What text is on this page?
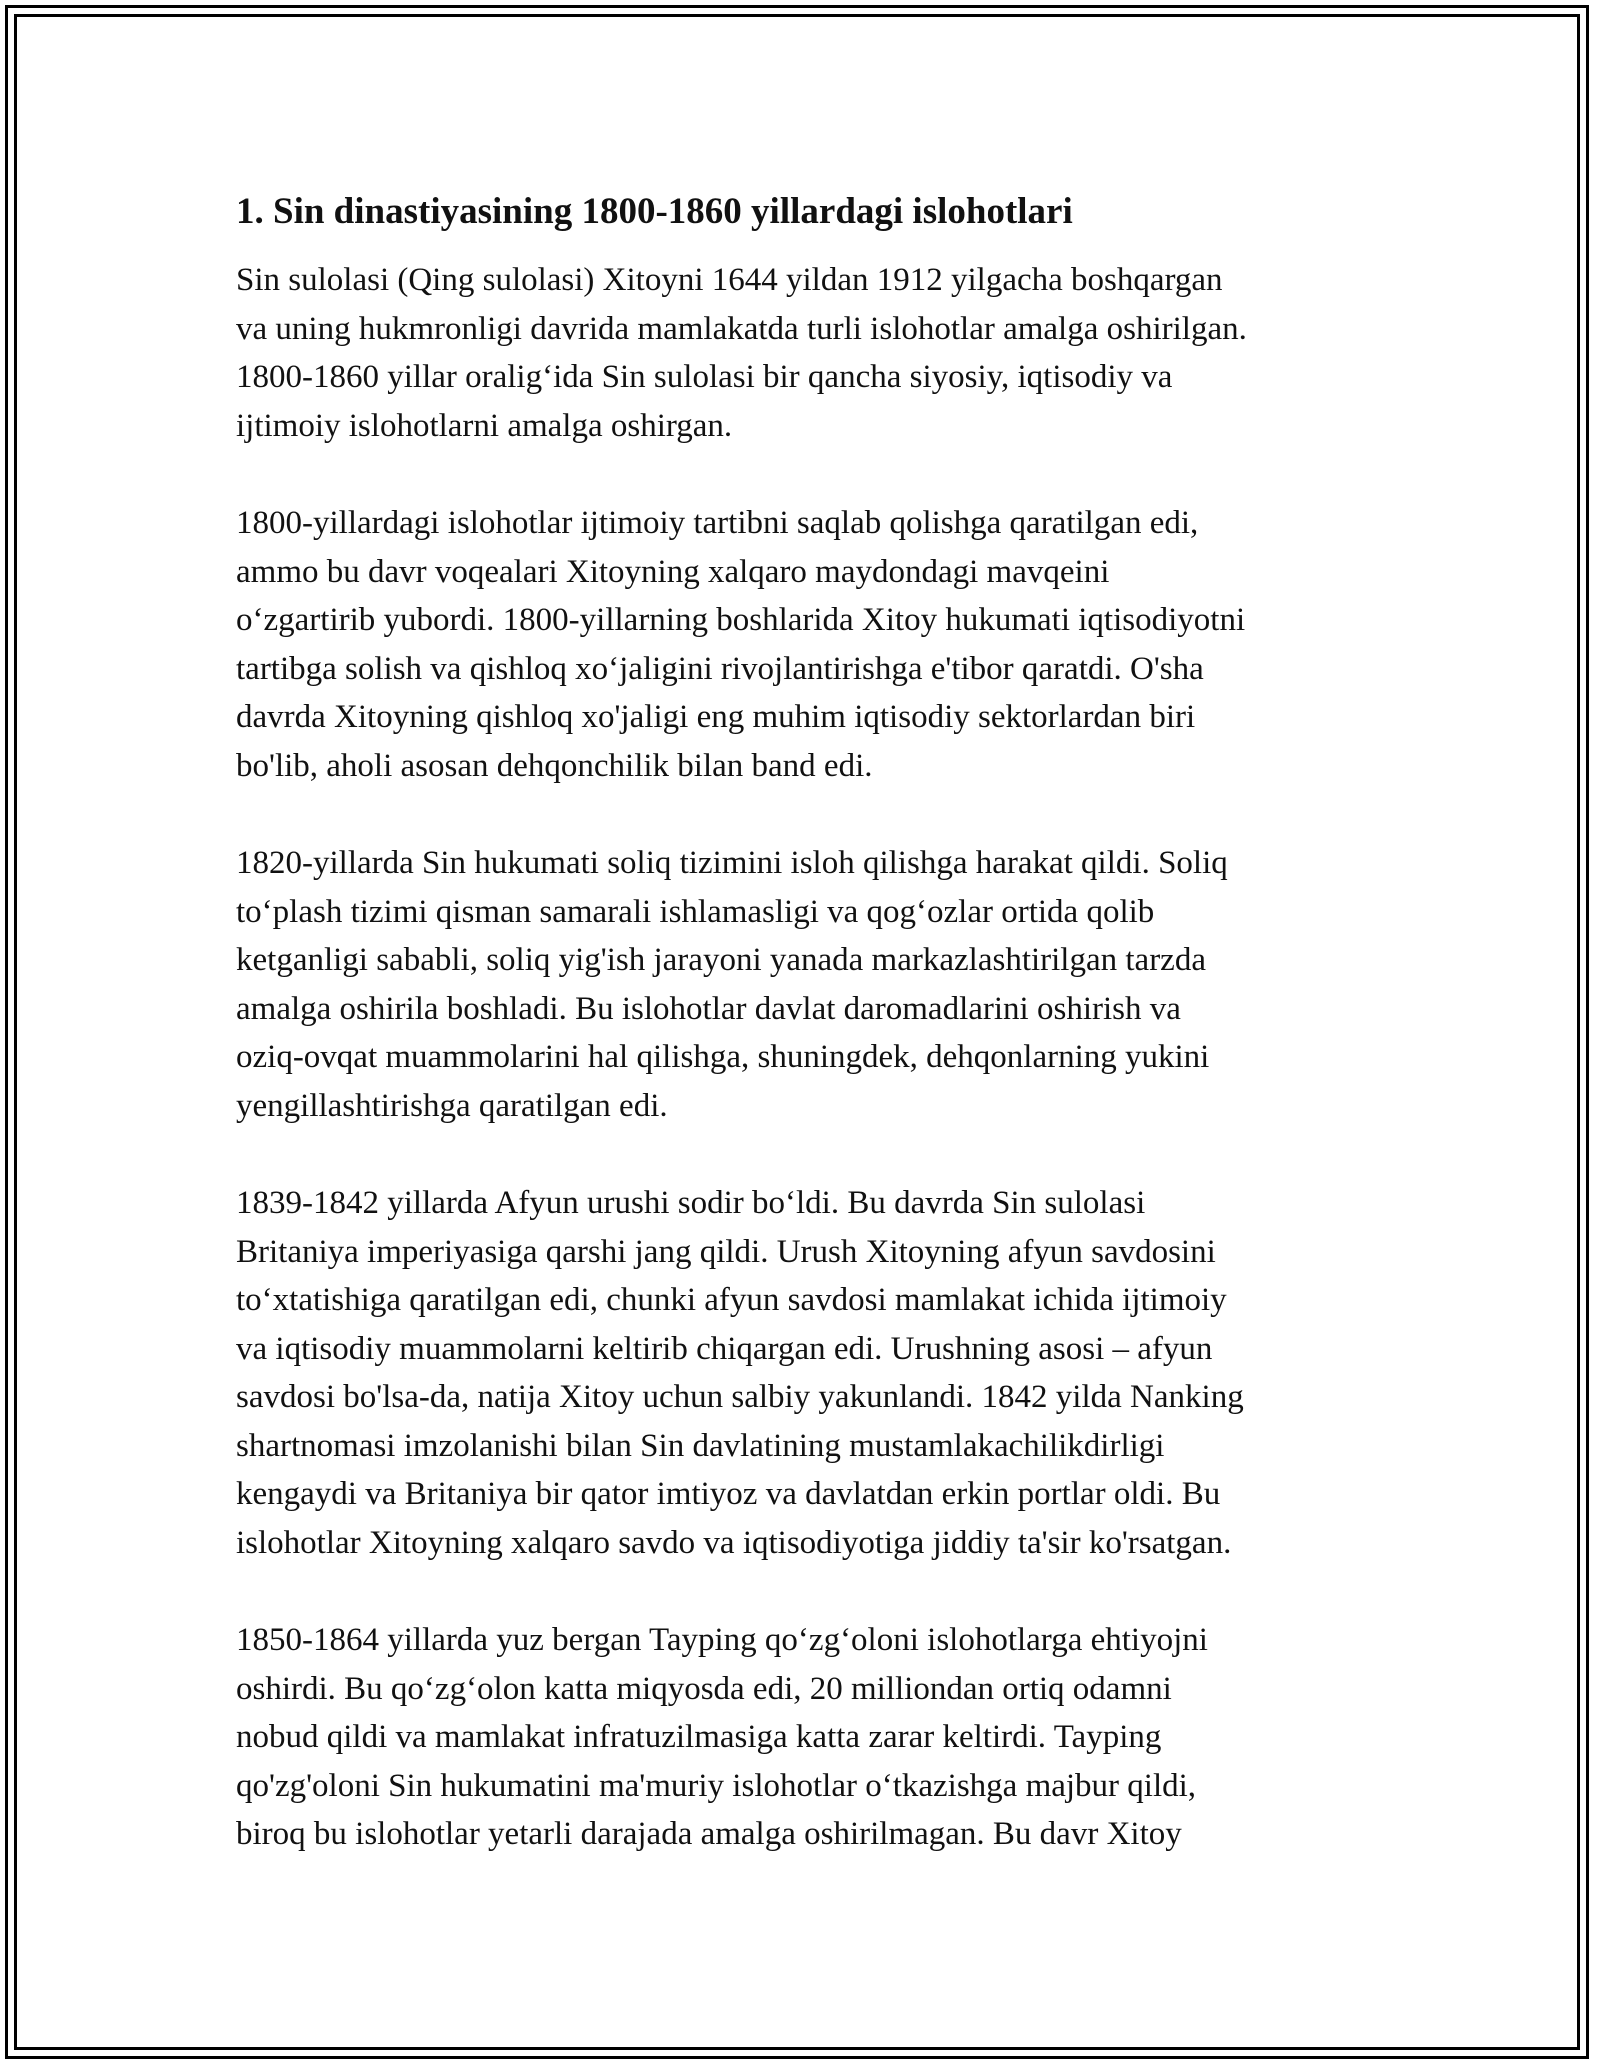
1. Sin dinastiyasining 1800-1860 yillardagi islohotlari

Sin sulolasi (Qing sulolasi) Xitoyni 1644 yildan 1912 yilgacha boshqargan
va uning hukmronligi davrida mamlakatda turli islohotlar amalga oshirilgan.
1800-1860 yillar oralig‘ida Sin sulolasi bir qancha siyosiy, iqtisodiy va
ijtimoiy islohotlarni amalga oshirgan.

1800-yillardagi islohotlar ijtimoiy tartibni saqlab qolishga qaratilgan edi,
ammo bu davr voqealari Xitoyning xalqaro maydondagi mavqeini
o‘zgartirib yubordi. 1800-yillarning boshlarida Xitoy hukumati iqtisodiyotni
tartibga solish va qishloq xo‘jaligini rivojlantirishga e'tibor qaratdi. O'sha
davrda Xitoyning qishloq xo'jaligi eng muhim iqtisodiy sektorlardan biri
bo'lib, aholi asosan dehqonchilik bilan band edi.

1820-yillarda Sin hukumati soliq tizimini isloh qilishga harakat qildi. Soliq
to‘plash tizimi qisman samarali ishlamasligi va qog‘ozlar ortida qolib
ketganligi sababli, soliq yig'ish jarayoni yanada markazlashtirilgan tarzda
amalga oshirila boshladi. Bu islohotlar davlat daromadlarini oshirish va
oziq-ovqat muammolarini hal qilishga, shuningdek, dehqonlarning yukini
yengillashtirishga qaratilgan edi.

1839-1842 yillarda Afyun urushi sodir bo‘ldi. Bu davrda Sin sulolasi
Britaniya imperiyasiga qarshi jang qildi. Urush Xitoyning afyun savdosini
to‘xtatishiga qaratilgan edi, chunki afyun savdosi mamlakat ichida ijtimoiy
va iqtisodiy muammolarni keltirib chiqargan edi. Urushning asosi – afyun
savdosi bo'lsa-da, natija Xitoy uchun salbiy yakunlandi. 1842 yilda Nanking
shartnomasi imzolanishi bilan Sin davlatining mustamlakachilikdirligi
kengaydi va Britaniya bir qator imtiyoz va davlatdan erkin portlar oldi. Bu
islohotlar Xitoyning xalqaro savdo va iqtisodiyotiga jiddiy ta'sir ko'rsatgan.

1850-1864 yillarda yuz bergan Tayping qo‘zg‘oloni islohotlarga ehtiyojni
oshirdi. Bu qo‘zg‘olon katta miqyosda edi, 20 milliondan ortiq odamni
nobud qildi va mamlakat infratuzilmasiga katta zarar keltirdi. Tayping
qo'zg'oloni Sin hukumatini ma'muriy islohotlar o‘tkazishga majbur qildi,
biroq bu islohotlar yetarli darajada amalga oshirilmagan. Bu davr Xitoy
